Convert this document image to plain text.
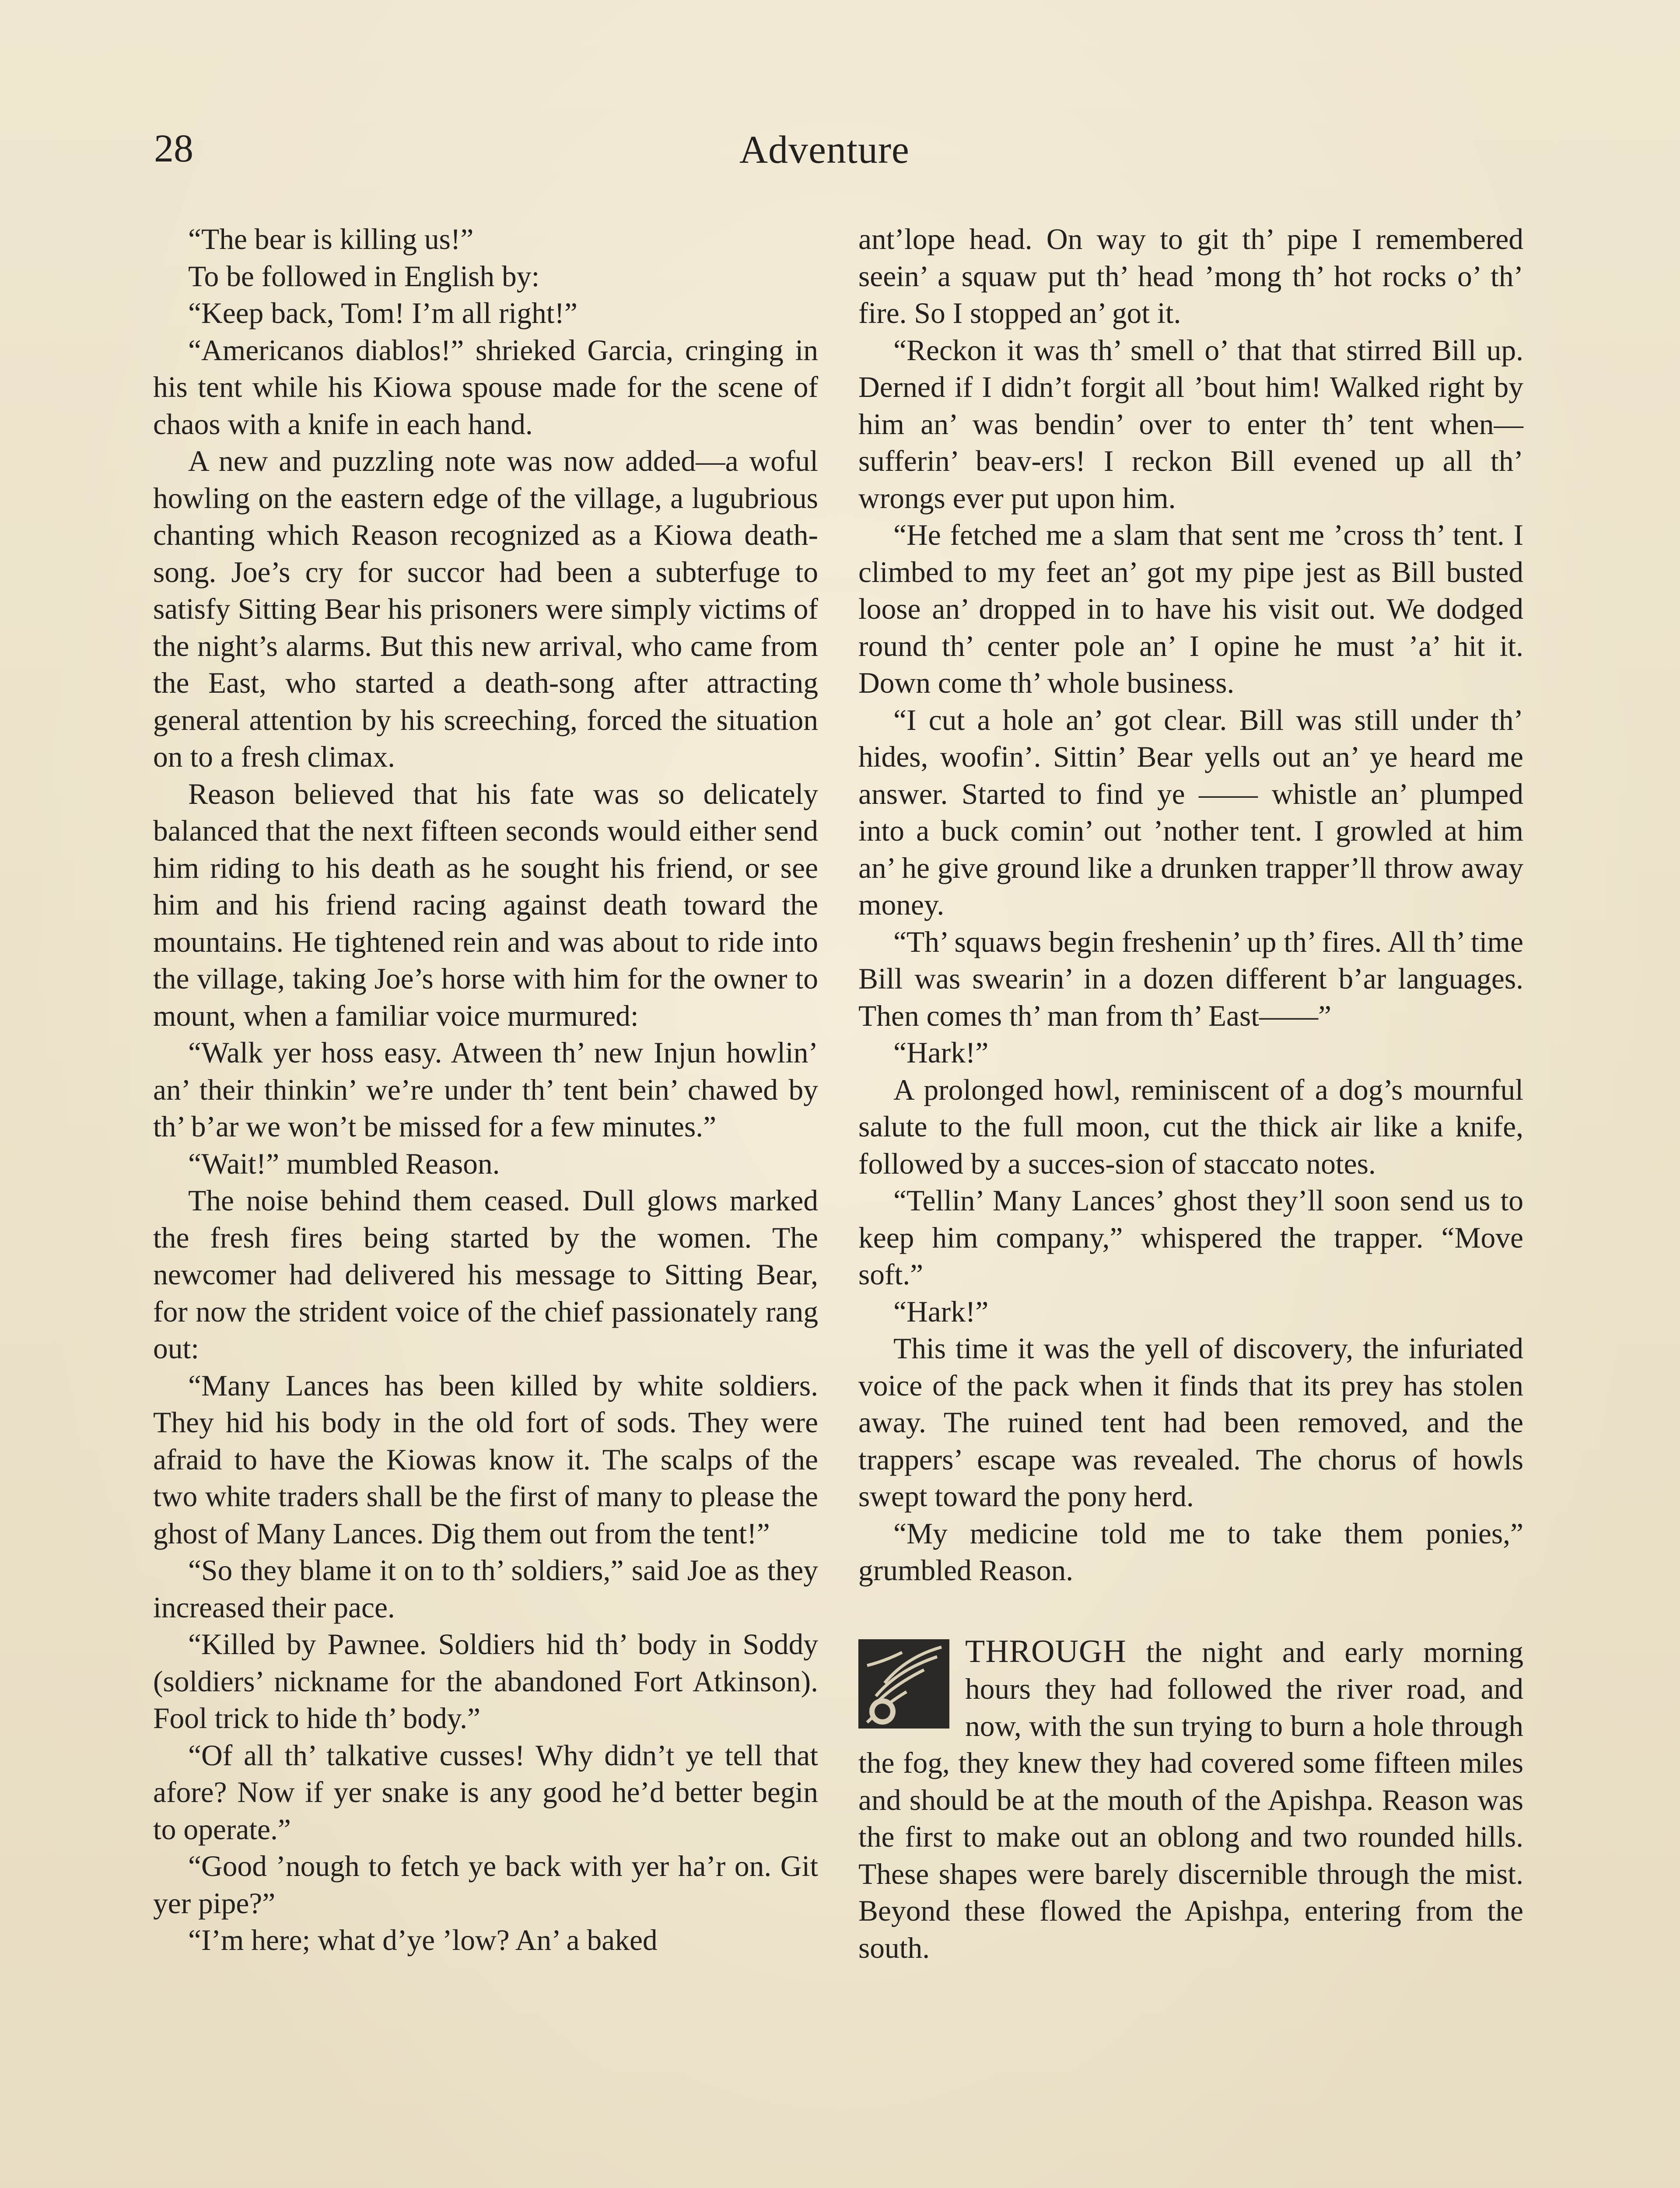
28	Adventure

“The bear is killing us!”

To be followed in English by:

“Keep back, Tom! I’m all right!”

“Americanos diablos!” shrieked Garcia, cringing in his tent while his Kiowa spouse made for the scene of chaos with a knife in each hand.

A new and puzzling note was now added—a woful howling on the eastern edge of the village, a lugubrious chanting which Reason recognized as a Kiowa death-song. Joe’s cry for succor had been a subterfuge to satisfy Sitting Bear his prisoners were simply victims of the night’s alarms. But this new arrival, who came from the East, who started a death-song after attracting general attention by his screeching, forced the situation on to a fresh climax.

Reason believed that his fate was so delicately balanced that the next fifteen seconds would either send him riding to his death as he sought his friend, or see him and his friend racing against death toward the mountains. He tightened rein and was about to ride into the village, taking Joe’s horse with him for the owner to mount, when a familiar voice murmured:

“Walk yer hoss easy. Atween th’ new Injun howlin’ an’ their thinkin’ we’re under th’ tent bein’ chawed by th’ b’ar we won’t be missed for a few minutes.”

“Wait!” mumbled Reason.

The noise behind them ceased. Dull glows marked the fresh fires being started by the women. The newcomer had delivered his message to Sitting Bear, for now the strident voice of the chief passionately rang out:

“Many Lances has been killed by white soldiers. They hid his body in the old fort of sods. They were afraid to have the Kiowas know it. The scalps of the two white traders shall be the first of many to please the ghost of Many Lances. Dig them out from the tent!”

“So they blame it on to th’ soldiers,” said Joe as they increased their pace.

“Killed by Pawnee. Soldiers hid th’ body in Soddy (soldiers’ nickname for the abandoned Fort Atkinson). Fool trick to hide th’ body.”

“Of all th’ talkative cusses! Why didn’t ye tell that afore? Now if yer snake is any good he’d better begin to operate.”

“Good ’nough to fetch ye back with yer ha’r on. Git yer pipe?”

“I’m here; what d’ye ’low? An’ a baked

ant’lope head. On way to git th’ pipe I remembered seein’ a squaw put th’ head ’mong th’ hot rocks o’ th’ fire. So I stopped an’ got it.

“Reckon it was th’ smell o’ that that stirred Bill up. Derned if I didn’t forgit all ’bout him! Walked right by him an’ was bendin’ over to enter th’ tent when—sufferin’ beav-ers! I reckon Bill evened up all th’ wrongs ever put upon him.

“He fetched me a slam that sent me ’cross th’ tent. I climbed to my feet an’ got my pipe jest as Bill busted loose an’ dropped in to have his visit out. We dodged round th’ center pole an’ I opine he must ’a’ hit it. Down come th’ whole business.

“I cut a hole an’ got clear. Bill was still under th’ hides, woofin’. Sittin’ Bear yells out an’ ye heard me answer. Started to find ye —— whistle an’ plumped into a buck comin’ out ’nother tent. I growled at him an’ he give ground like a drunken trapper’ll throw away money.

“Th’ squaws begin freshenin’ up th’ fires. All th’ time Bill was swearin’ in a dozen different b’ar languages. Then comes th’ man from th’ East——”

“Hark!”

A prolonged howl, reminiscent of a dog’s mournful salute to the full moon, cut the thick air like a knife, followed by a succes-sion of staccato notes.

“Tellin’ Many Lances’ ghost they’ll soon send us to keep him company,” whispered the trapper. “Move soft.”

“Hark!”

This time it was the yell of discovery, the infuriated voice of the pack when it finds that its prey has stolen away. The ruined tent had been removed, and the trappers’ escape was revealed. The chorus of howls swept toward the pony herd.

“My medicine told me to take them ponies,” grumbled Reason.

THROUGH the night and early morning hours they had followed the river road, and now, with the sun trying to burn a hole through the fog, they knew they had covered some fifteen miles and should be at the mouth of the Apishpa. Reason was the first to make out an oblong and two rounded hills. These shapes were barely discernible through the mist. Beyond these flowed the Apishpa, entering from the south.
